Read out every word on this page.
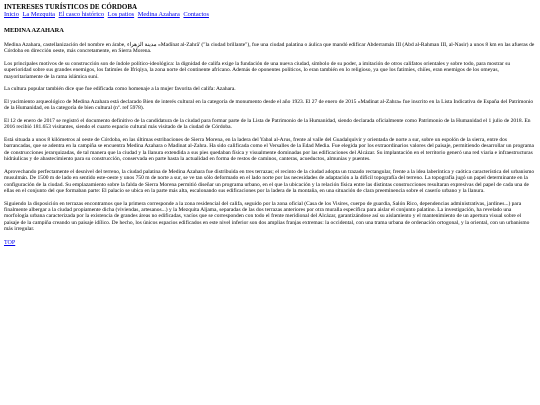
INTERESES TURÍSTICOS DE CÓRDOBA
Inicio La Mezquita El casco histórico Los patios Medina Azahara Contactos
MEDINA AZAHARA

Medina Azahara, castellanización del nombre en árabe, مدينة الزهراء «Madīnat al-Zahrā' ("la ciudad brillante"), fue una ciudad palatina o áulica que mandó edificar Abderramán III (Abd al-Rahman III, al-Nasir) a unos 8 km en las afueras de Córdoba en dirección oeste, más concretamente, en Sierra Morena.

Los principales motivos de su construcción son de índole político-ideológica: la dignidad de califa exige la fundación de una nueva ciudad, símbolo de su poder, a imitación de otros califatos orientales y sobre todo, para mostrar su superioridad sobre sus grandes enemigos, los fatimíes de Ifriqiya, la zona norte del continente africano. Además de oponentes políticos, lo eran también en lo religioso, ya que los fatimíes, chiíes, eran enemigos de los omeyas, mayoritariamente de la rama islámica suní.

La cultura popular también dice que fue edificada como homenaje a la mujer favorita del califa: Azahara.

El yacimiento arqueológico de Medina Azahara está declarado Bien de interés cultural en la categoría de monumento desde el año 1923. El 27 de enero de 2015 «Madinat al-Zahra» fue inscrito en la Lista Indicativa de España del Patrimonio de la Humanidad, en la categoría de bien cultural (nº. ref 5978).

El 12 de enero de 2017 se registró el documento definitivo de la candidatura de la ciudad para formar parte de la Lista de Patrimonio de la Humanidad, siendo declarada oficialmente como Patrimonio de la Humanidad el 1 julio de 2018. En 2016 recibió 181.653 visitantes, siendo el cuarto espacio cultural más visitado de la ciudad de Córdoba.

Está situada a unos 8 kilómetros al oeste de Córdoba, en las últimas estribaciones de Sierra Morena, en la ladera del Yabal al-Arus, frente al valle del Guadalquivir y orientada de norte a sur, sobre un espolón de la sierra, entre dos barrancadas, que se adentra en la campiña se encuentra Medina Azahara o Madinat al-Zahra. Ha sido calificada como el Versalles de la Edad Media. Fue elegida por los extraordinarios valores del paisaje, permitiendo desarrollar un programa de construcciones jerarquizadas, de tal manera que la ciudad y la llanura extendida a sus pies quedaban física y visualmente dominadas por las edificaciones del Alcázar. Su implantación en el territorio generó una red viaria e infraestructuras hidráulicas y de abastecimiento para su construcción, conservada en parte hasta la actualidad en forma de restos de caminos, canteras, acueductos, almunias y puentes.

Aprovechando perfectamente el desnivel del terreno, la ciudad palatina de Medina Azahara fue distribuida en tres terrazas; el recinto de la ciudad adopta un trazado rectangular, frente a la idea laberíntica y caótica característica del urbanismo musulmán. De 1500 m de lado en sentido este-oeste y unos 750 m de norte a sur, se ve tan sólo deformado en el lado norte por las necesidades de adaptación a la difícil topografía del terreno. La topografía jugó un papel determinante en la configuración de la ciudad. Su emplazamiento sobre la falda de Sierra Morena permitió diseñar un programa urbano, en el que la ubicación y la relación física entre las distintas construcciones resultaran expresivas del papel de cada una de ellas en el conjunto del que formaban parte: El palacio se ubica en la parte más alta, escalonando sus edificaciones por la ladera de la montaña, en una situación de clara preeminencia sobre el caserío urbano y la llanura.

Siguiendo la disposición en terrazas encontramos que la primera corresponde a la zona residencial del califa, seguido por la zona oficial (Casa de los Visires, cuerpo de guardia, Salón Rico, dependencias administrativas, jardines...) para finalmente albergar a la ciudad propiamente dicha (viviendas, artesanos...) y la Mezquita Aljama, separadas de las dos terrazas anteriores por otra muralla específica para aislar el conjunto palatino. La investigación, ha revelado una morfología urbana caracterizada por la existencia de grandes áreas no edificadas, vacíos que se corresponden con todo el frente meridional del Alcázar, garantizándose así su aislamiento y el mantenimiento de un apertura visual sobre el paisaje de la campiña creando un paisaje idílico. De hecho, los únicos espacios edificados en este nivel inferior son dos amplias franjas extremas: la occidental, con una trama urbana de ordenación ortogonal, y la oriental, con un urbanismo más irregular.

TOP
